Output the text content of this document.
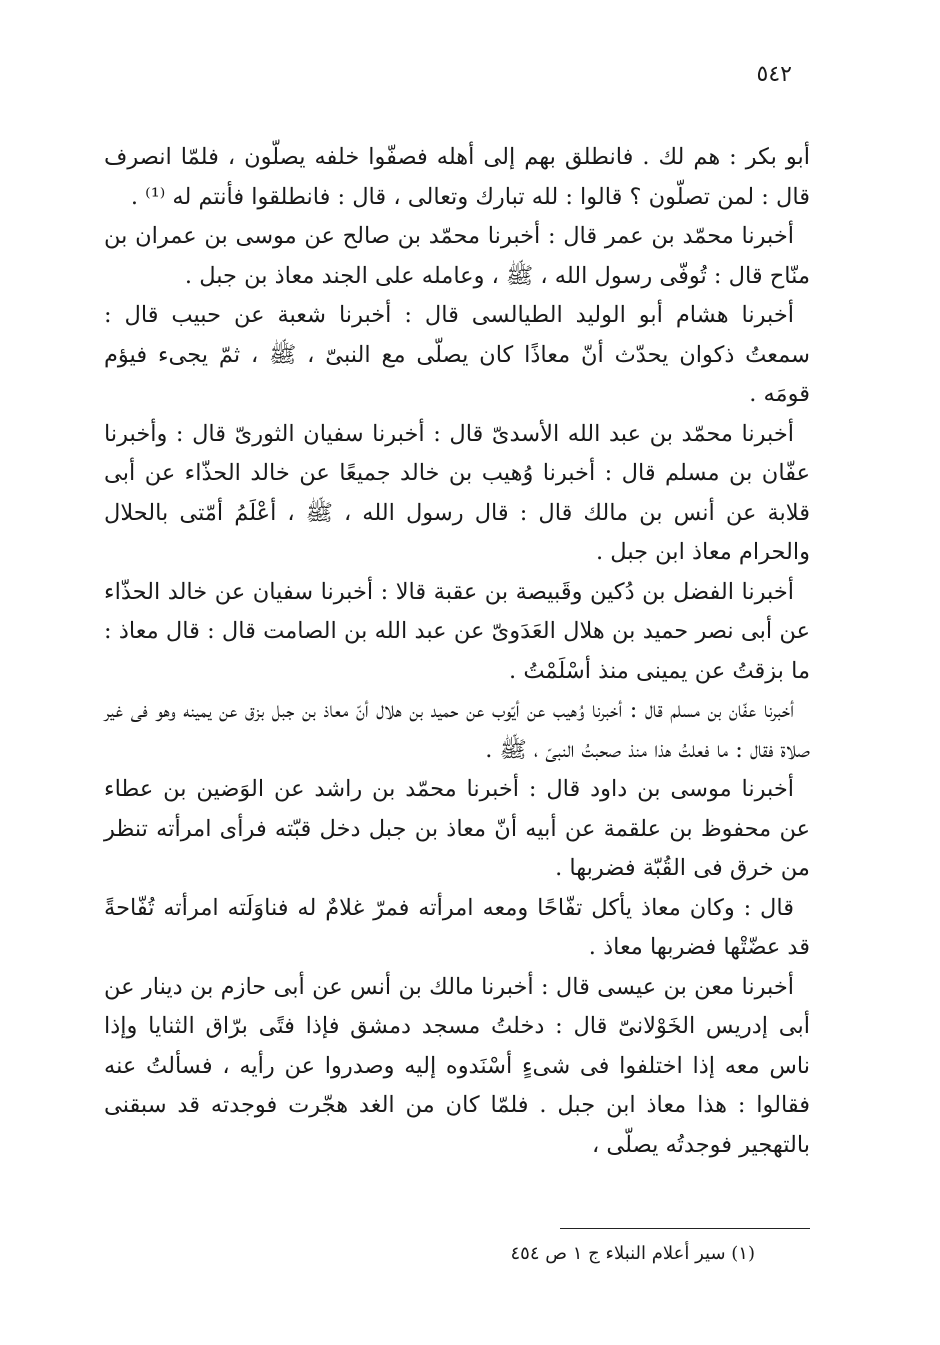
٥٤٢

أبو بكر : هم لك . فانطلق بهم إلى أهله فصفّوا خلفه يصلّون ، فلمّا انصرف قال : لمن تصلّون ؟ قالوا : لله تبارك وتعالى ، قال : فانطلقوا فأنتم له ⁽¹⁾ .

أخبرنا محمّد بن عمر قال : أخبرنا محمّد بن صالح عن موسى بن عمران بن منّاح قال : تُوفّى رسول الله ، ﷺ ، وعامله على الجند معاذ بن جبل .

أخبرنا هشام أبو الوليد الطيالسى قال : أخبرنا شعبة عن حبيب قال : سمعتُ ذكوان يحدّث أنّ معاذًا كان يصلّى مع النبىّ ، ﷺ ، ثمّ يجىء فيؤم قومَه .

أخبرنا محمّد بن عبد الله الأسدىّ قال : أخبرنا سفيان الثورىّ قال : وأخبرنا عفّان بن مسلم قال : أخبرنا وُهيب بن خالد جميعًا عن خالد الحذّاء عن أبى قلابة عن أنس بن مالك قال : قال رسول الله ، ﷺ ، أعْلَمُ أمّتى بالحلال والحرام معاذ ابن جبل .

أخبرنا الفضل بن دُكين وقَبيصة بن عقبة قالا : أخبرنا سفيان عن خالد الحذّاء عن أبى نصر حميد بن هلال العَدَوىّ عن عبد الله بن الصامت قال : قال معاذ : ما بزقتُ عن يمينى منذ أسْلَمْتُ .

أخبرنا عفّان بن مسلم قال : أخبرنا وُهيب عن أيّوب عن حميد بن هلال أنّ معاذ بن جبل بزق عن يمينه وهو فى غير صلاة فقال : ما فعلتُ هذا منذ صحبتُ النبىّ ، ﷺ .

أخبرنا موسى بن داود قال : أخبرنا محمّد بن راشد عن الوَضين بن عطاء عن محفوظ بن علقمة عن أبيه أنّ معاذ بن جبل دخل قبّته فرأى امرأته تنظر من خرق فى القُبّة فضربها .

قال : وكان معاذ يأكل تفّاحًا ومعه امرأته فمرّ غلامٌ له فناوَلَته امرأته تُفّاحةً قد عضّتْها فضربها معاذ .

أخبرنا معن بن عيسى قال : أخبرنا مالك بن أنس عن أبى حازم بن دينار عن أبى إدريس الخَوْلانىّ قال : دخلتُ مسجد دمشق فإذا فتًى برّاق الثنايا وإذا ناس معه إذا اختلفوا فى شىءٍ أسْنَدوه إليه وصدروا عن رأيه ، فسألتُ عنه فقالوا : هذا معاذ ابن جبل . فلمّا كان من الغد هجّرت فوجدته قد سبقنى بالتهجير فوجدتُه يصلّى ،

(١) سير أعلام النبلاء ج ١ ص ٤٥٤
